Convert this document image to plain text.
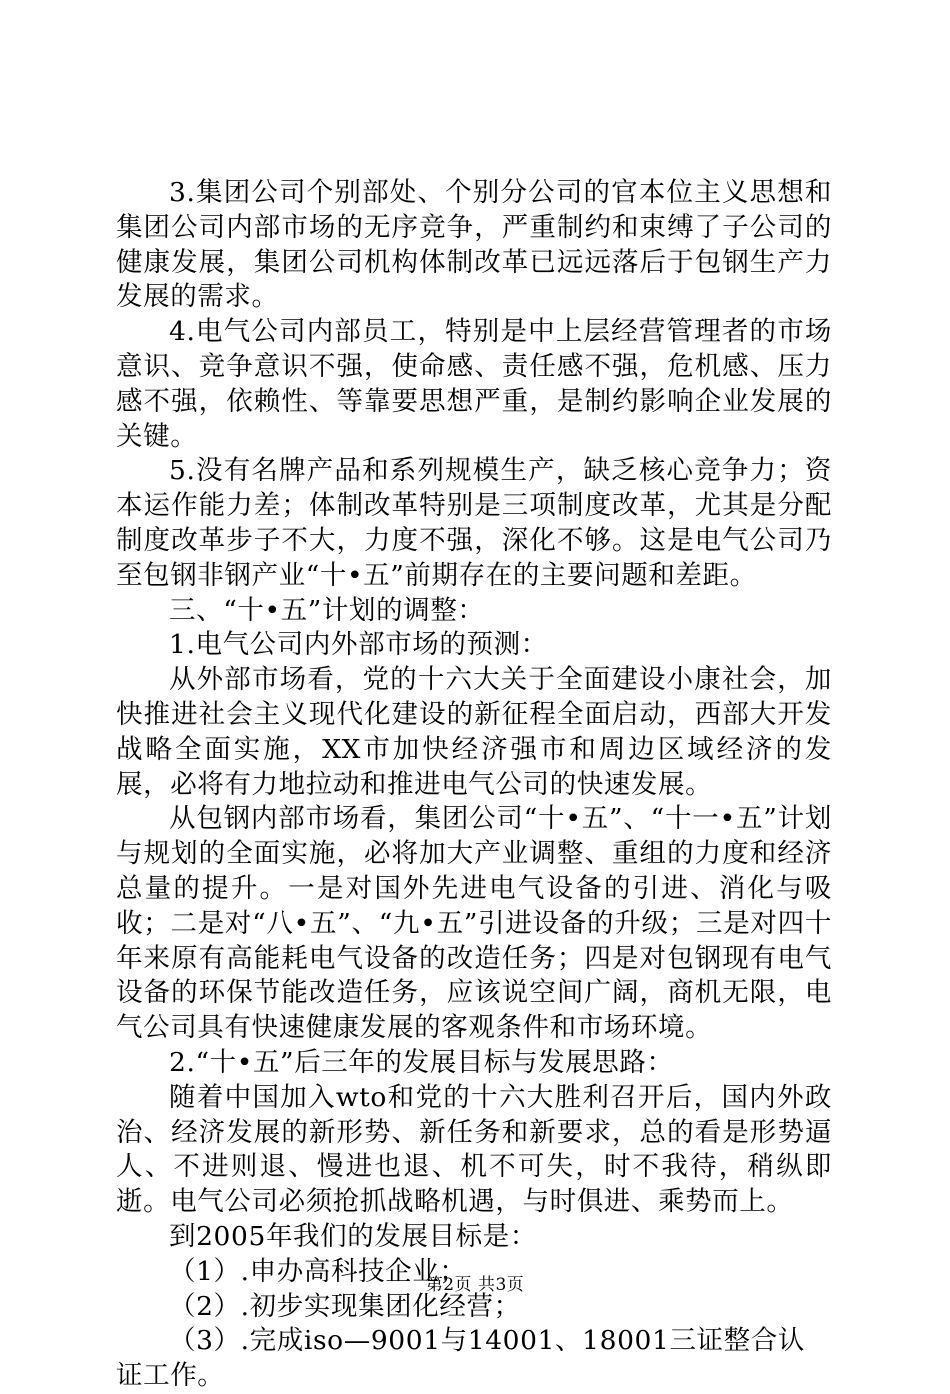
3.集团公司个别部处、个别分公司的官本位主义思想和集团公司内部市场的无序竞争，严重制约和束缚了子公司的健康发展，集团公司机构体制改革已远远落后于包钢生产力发展的需求。

4.电气公司内部员工，特别是中上层经营管理者的市场意识、竞争意识不强，使命感、责任感不强，危机感、压力感不强，依赖性、等靠要思想严重，是制约影响企业发展的关键。

5.没有名牌产品和系列规模生产，缺乏核心竞争力；资本运作能力差；体制改革特别是三项制度改革，尤其是分配制度改革步子不大，力度不强，深化不够。这是电气公司乃至包钢非钢产业“十•五”前期存在的主要问题和差距。

三、“十•五”计划的调整：

1.电气公司内外部市场的预测：

从外部市场看，党的十六大关于全面建设小康社会，加快推进社会主义现代化建设的新征程全面启动，西部大开发战略全面实施，XX市加快经济强市和周边区域经济的发展，必将有力地拉动和推进电气公司的快速发展。

从包钢内部市场看，集团公司“十•五”、“十一•五”计划与规划的全面实施，必将加大产业调整、重组的力度和经济总量的提升。一是对国外先进电气设备的引进、消化与吸收；二是对“八•五”、“九•五”引进设备的升级；三是对四十年来原有高能耗电气设备的改造任务；四是对包钢现有电气设备的环保节能改造任务，应该说空间广阔，商机无限，电气公司具有快速健康发展的客观条件和市场环境。

2.“十•五”后三年的发展目标与发展思路：

随着中国加入wto和党的十六大胜利召开后，国内外政治、经济发展的新形势、新任务和新要求，总的看是形势逼人、不进则退、慢进也退、机不可失，时不我待，稍纵即逝。电气公司必须抢抓战略机遇，与时俱进、乘势而上。

到2005年我们的发展目标是：

（1）.申办高科技企业；

（2）.初步实现集团化经营；

（3）.完成iso—9001与14001、18001三证整合认证工作。

第2页 共3页
